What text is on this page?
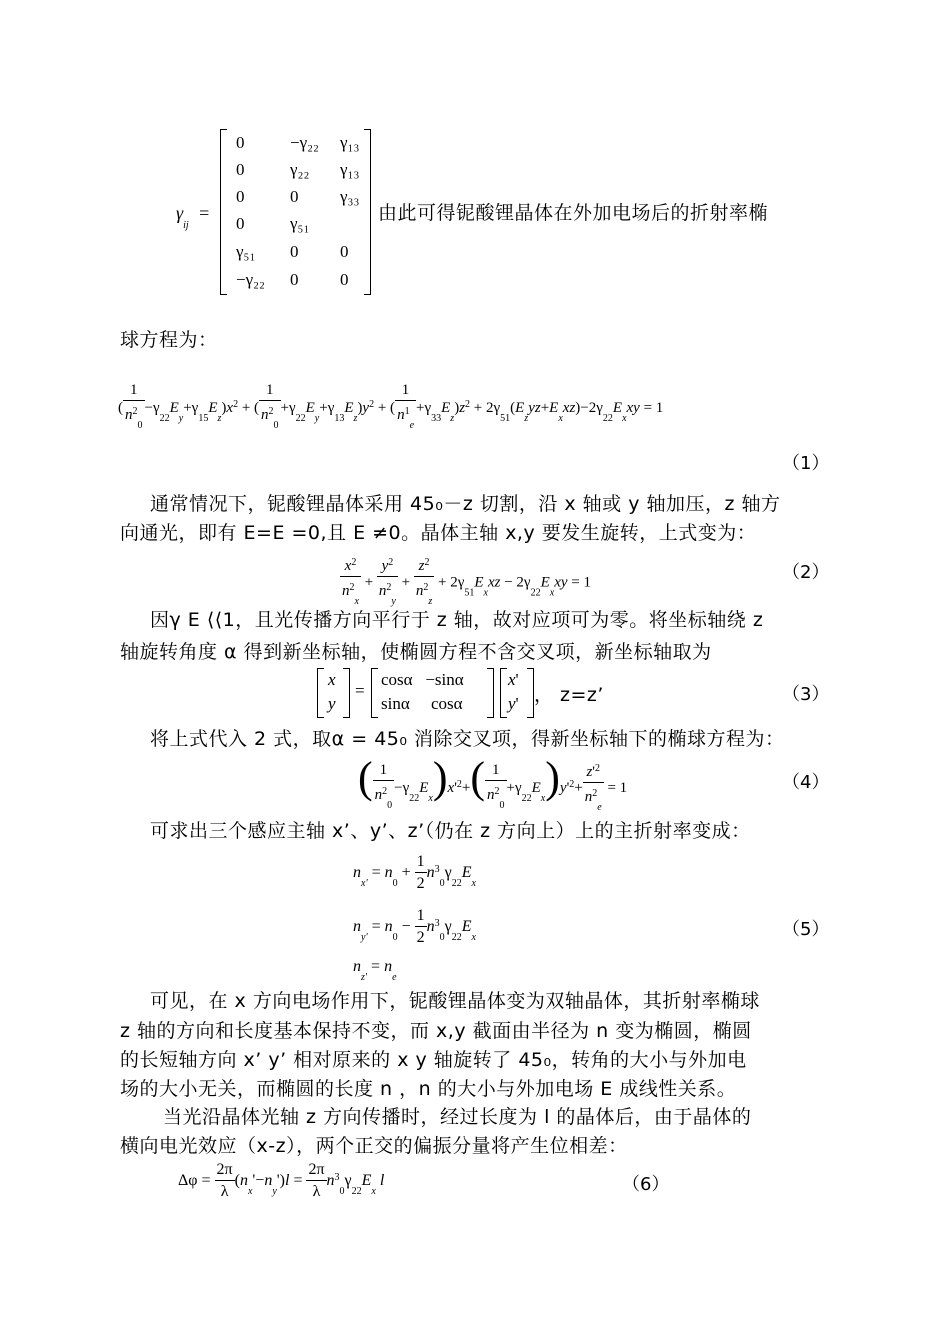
$\gamma_{ij}$ =
0	−γ₂₂ γ₁₃
0	γ₂₂ γ₁₃
0	0 γ₃₃
0	γ₅₁
γ₅₁ 0 0
−γ₂₂ 0 0
由此可得铌酸锂晶体在外加电场后的折射率椭
球方程为：
( $\frac{1}{n^2_0} -\gamma_{22}E_y+\gamma_{15}E_z)x^2$ + ( $\frac{1}{n^2_0} +\gamma_{22}E_y+\gamma_{13}E_z)y^2$ + ( $\frac{1}{n^1_e} +\gamma_{33}E_z)z^2 + 2\gamma_{51}(E_zyz+E_xxz)-2\gamma_{22}E_xxy = 1$
（1）
通常情况下，铌酸锂晶体采用 45₀－z 切割，沿 x 轴或 y 轴加压，z 轴方
向通光，即有 E=E =0,且 E ≠0。晶体主轴 x,y 要发生旋转，上式变为：
$\frac{x^2}{n^2_x} + \frac{y^2}{n^2_y} + \frac{z^2}{n^2_z} + 2\gamma_{51}E_xxz - 2\gamma_{22}E_xxy = 1$	（2）
因γ E ⟨⟨1，且光传播方向平行于 z 轴，故对应项可为零。将坐标轴绕 z
轴旋转角度 α 得到新坐标轴，使椭圆方程不含交叉项，新坐标轴取为
x
y
=
cosα   −sinα
sinα     cosα
x'
y' ， z=z’	（3）
将上式代入 2 式，取α = 45₀ 消除交叉项，得新坐标轴下的椭球方程为：
( $\frac{1}{n^2_0} -\gamma_{22}E_x)x'^2+( \frac{1}{n^2_0} +\gamma_{22}E_x)y'^2+ \frac{z'^2}{n^2_e} = 1$	（4）
可求出三个感应主轴 x’、y’、z’（仍在 z 方向上）上的主折射率变成：
$n_{x'} = n_0 + \frac{1}{2} n^3_0\gamma_{22}E_x$
$n_{y'} = n_0 - \frac{1}{2} n^3_0\gamma_{22}E_x$
$n_{z'} = n_e$
（5）
可见，在 x 方向电场作用下，铌酸锂晶体变为双轴晶体，其折射率椭球
z 轴的方向和长度基本保持不变，而 x,y 截面由半径为 n 变为椭圆，椭圆
的长短轴方向 x’ y’ 相对原来的 x y 轴旋转了 45₀，转角的大小与外加电
场的大小无关，而椭圆的长度 n ，n 的大小与外加电场 E 成线性关系。
当光沿晶体光轴 z 方向传播时，经过长度为 l 的晶体后，由于晶体的
横向电光效应（x-z），两个正交的偏振分量将产生位相差：
$\Delta\varphi = \frac{2\pi}{\lambda} (n_x'-n_y')l = \frac{2\pi}{\lambda} n^3_0\gamma_{22}E_x$ l	（6）
